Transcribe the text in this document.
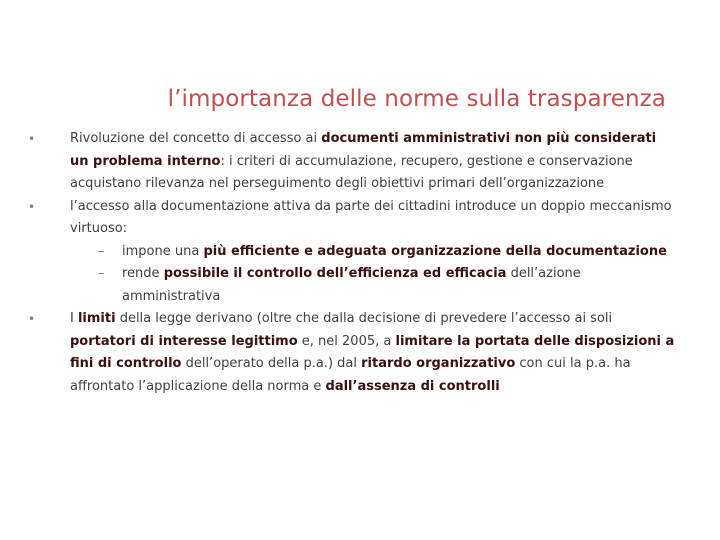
l’importanza delle norme sulla trasparenza
•	Rivoluzione del concetto di accesso ai documenti amministrativi non più considerati un problema interno: i criteri di accumulazione, recupero, gestione e conservazione acquistano rilevanza nel perseguimento degli obiettivi primari dell’organizzazione
•	l’accesso alla documentazione attiva da parte dei cittadini introduce un doppio meccanismo virtuoso:
– impone una più efficiente e adeguata organizzazione della documentazione
– rende possibile il controllo dell’efficienza ed efficacia dell’azione amministrativa
•	I limiti della legge derivano (oltre che dalla decisione di prevedere l’accesso ai soli portatori di interesse legittimo e, nel 2005, a limitare la portata delle disposizioni a fini di controllo dell’operato della p.a.) dal ritardo organizzativo con cui la p.a. ha affrontato l’applicazione della norma e dall’assenza di controlli
